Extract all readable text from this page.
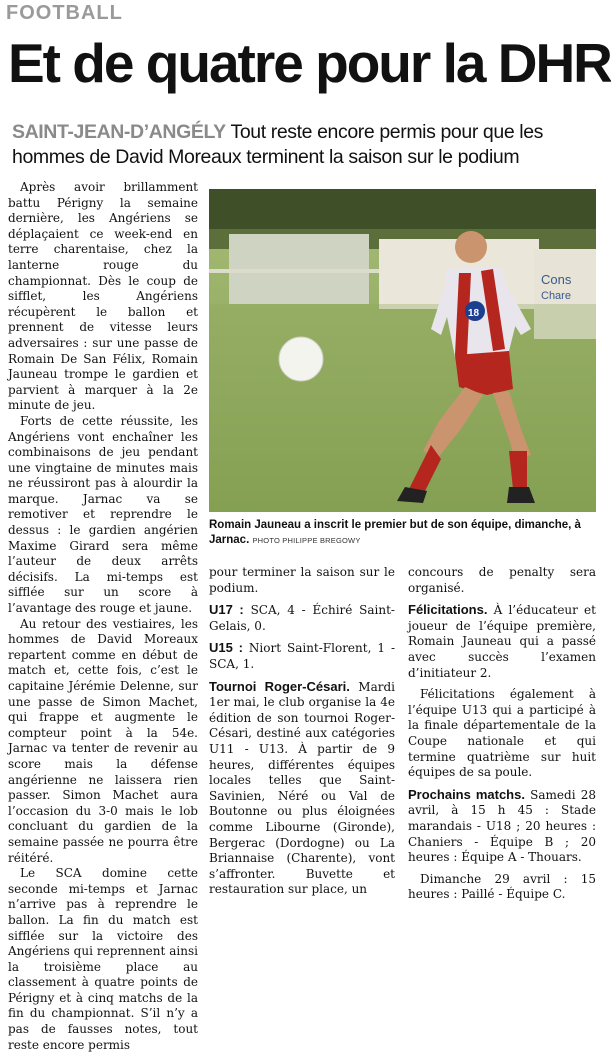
FOOTBALL
Et de quatre pour la DHR
SAINT-JEAN-D’ANGÉLY Tout reste encore permis pour que les hommes de David Moreaux terminent la saison sur le podium

Après avoir brillamment battu Périgny la semaine dernière, les Angériens se déplaçaient ce week-end en terre charentaise, chez la lanterne rouge du championnat. Dès le coup de sifflet, les Angériens récupèrent le ballon et prennent de vitesse leurs adversaires : sur une passe de Romain De San Félix, Romain Jauneau trompe le gardien et parvient à marquer à la 2e minute de jeu.

Forts de cette réussite, les Angériens vont enchaîner les combinaisons de jeu pendant une vingtaine de minutes mais ne réussiront pas à alourdir la marque. Jarnac va se remotiver et reprendre le dessus : le gardien angérien Maxime Girard sera même l’auteur de deux arrêts décisifs. La mi-temps est sifflée sur un score à l’avantage des rouge et jaune.

Au retour des vestiaires, les hommes de David Moreaux repartent comme en début de match et, cette fois, c’est le capitaine Jérémie Delenne, sur une passe de Simon Machet, qui frappe et augmente le compteur point à la 54e. Jarnac va tenter de revenir au score mais la défense angérienne ne laissera rien passer. Simon Machet aura l’occasion du 3-0 mais le lob concluant du gardien de la semaine passée ne pourra être réitéré.

Le SCA domine cette seconde mi-temps et Jarnac n’arrive pas à reprendre le ballon. La fin du match est sifflée sur la victoire des Angériens qui reprennent ainsi la troisième place au classement à quatre points de Périgny et à cinq matchs de la fin du championnat. S’il n’y a pas de fausses notes, tout reste encore permis

Cons
Chare
18
Romain Jauneau a inscrit le premier but de son équipe, dimanche, à Jarnac. PHOTO PHILIPPE BREGOWY

pour terminer la saison sur le podium.

U17 : SCA, 4 - Échiré Saint-Gelais, 0.

U15 : Niort Saint-Florent, 1 - SCA, 1.

Tournoi Roger-Césari. Mardi 1er mai, le club organise la 4e édition de son tournoi Roger-Césari, destiné aux catégories U11 - U13. À partir de 9 heures, différentes équipes locales telles que Saint-Savinien, Néré ou Val de Boutonne ou plus éloignées comme Libourne (Gironde), Bergerac (Dordogne) ou La Briannaise (Charente), vont s’affronter. Buvette et restauration sur place, un

concours de penalty sera organisé.

Félicitations. À l’éducateur et joueur de l’équipe première, Romain Jauneau qui a passé avec succès l’examen d’initiateur 2.

Félicitations également à l’équipe U13 qui a participé à la finale départementale de la Coupe nationale et qui termine quatrième sur huit équipes de sa poule.

Prochains matchs. Samedi 28 avril, à 15 h 45 : Stade marandais - U18 ; 20 heures : Chaniers - Équipe B ; 20 heures : Équipe A - Thouars.

Dimanche 29 avril : 15 heures : Paillé - Équipe C.
